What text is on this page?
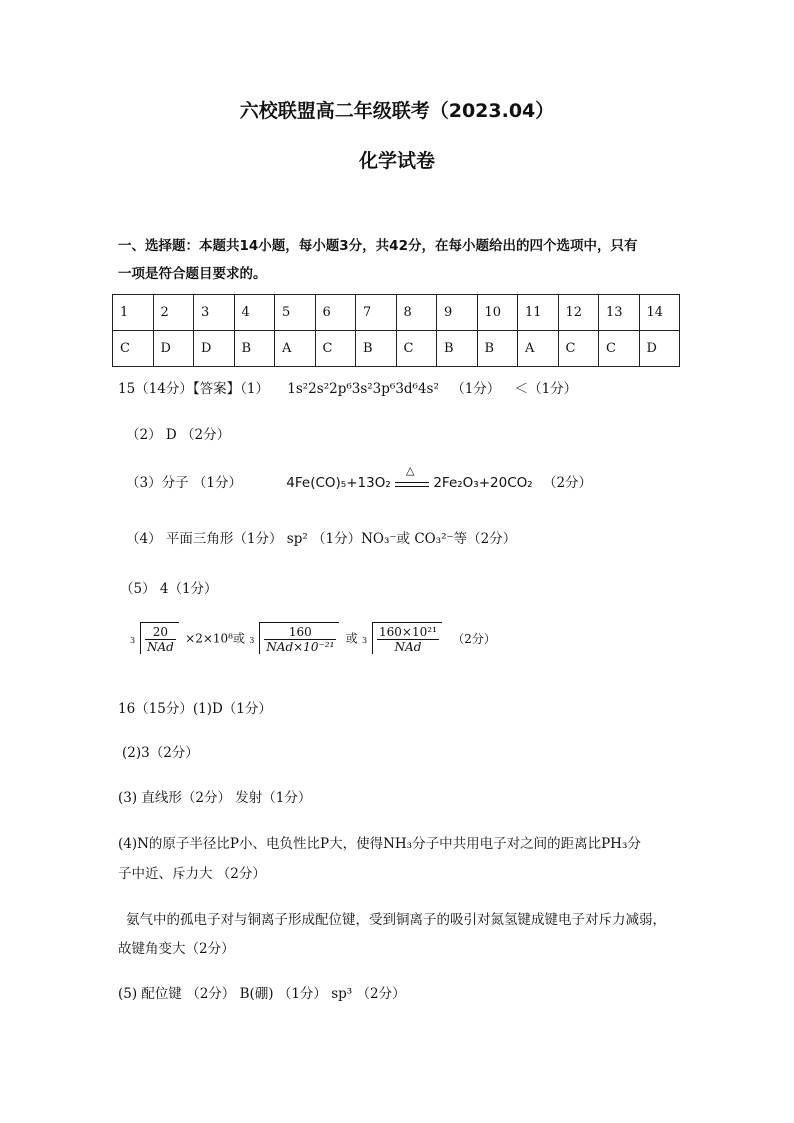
六校联盟高二年级联考（2023.04）
化学试卷
一、选择题：本题共14小题，每小题3分，共42分，在每小题给出的四个选项中，只有
一项是符合题目要求的。
1	2	3	4	5	6	7	8	9	10	11	12	13	14
C	D	D	B	A	C	B	C	B	B	A	C	C	D
15（14分）【答案】（1） 1s²2s²2p⁶3s²3p⁶3d⁶4s² （1分） ＜（1分）
（2） D （2分）
（3）分子 （1分）	4Fe(CO)₅+13O₂
△
2Fe₂O₃+20CO₂ （2分）
（4） 平面三角形（1分） sp² （1分）NO₃⁻或 CO₃²⁻等（2分）
（5） 4（1分）
$3 \frac{20}{\text{NAd}} \times 2\times 10^8$或 $3 \frac{160}{\text{NAd×10⁻²¹}}$ 或 $3 \frac{\text{160×10²¹}}{\text{NAd}} (2$分）
16（15分）(1)D（1分）
(2)3（2分）
(3) 直线形（2分） 发射（1分）
(4)N的原子半径比P小、电负性比P大，使得NH₃分子中共用电子对之间的距离比PH₃分
子中近、斥力大 （2分）
氨气中的孤电子对与铜离子形成配位键，受到铜离子的吸引对氮氢键成键电子对斥力减弱，
故键角变大（2分）
(5) 配位键 （2分） B(硼) （1分） sp³ （2分）
